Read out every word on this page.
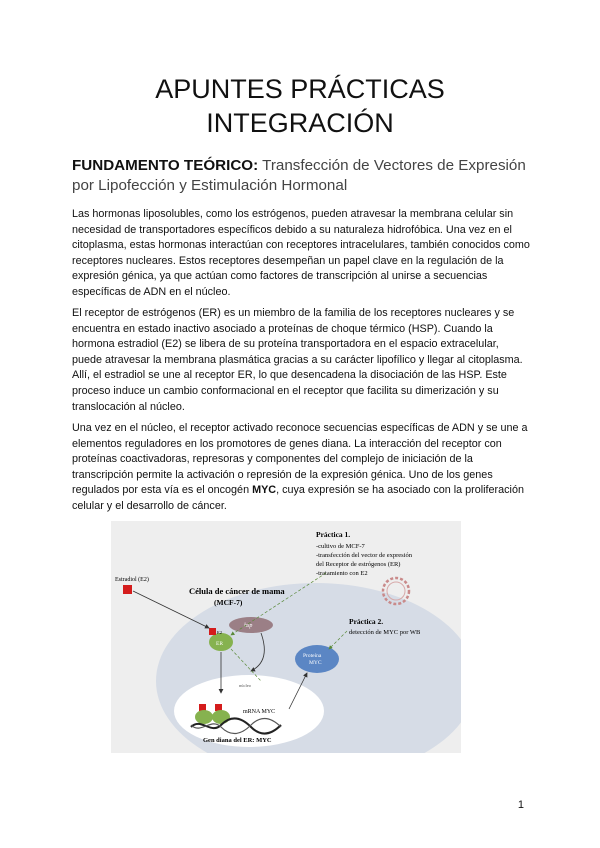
APUNTES PRÁCTICAS
INTEGRACIÓN
FUNDAMENTO TEÓRICO: Transfección de Vectores de Expresión por Lipofección y Estimulación Hormonal

Las hormonas liposolubles, como los estrógenos, pueden atravesar la membrana celular sin necesidad de transportadores específicos debido a su naturaleza hidrofóbica. Una vez en el citoplasma, estas hormonas interactúan con receptores intracelulares, también conocidos como receptores nucleares. Estos receptores desempeñan un papel clave en la regulación de la expresión génica, ya que actúan como factores de transcripción al unirse a secuencias específicas de ADN en el núcleo.

El receptor de estrógenos (ER) es un miembro de la familia de los receptores nucleares y se encuentra en estado inactivo asociado a proteínas de choque térmico (HSP). Cuando la hormona estradiol (E2) se libera de su proteína transportadora en el espacio extracelular, puede atravesar la membrana plasmática gracias a su carácter lipofílico y llegar al citoplasma. Allí, el estradiol se une al receptor ER, lo que desencadena la disociación de las HSP. Este proceso induce un cambio conformacional en el receptor que facilita su dimerización y su translocación al núcleo.

Una vez en el núcleo, el receptor activado reconoce secuencias específicas de ADN y se une a elementos reguladores en los promotores de genes diana. La interacción del receptor con proteínas coactivadoras, represoras y componentes del complejo de iniciación de la transcripción permite la activación o represión de la expresión génica. Uno de los genes regulados por esta vía es el oncogén MYC, cuya expresión se ha asociado con la proliferación celular y el desarrollo de cáncer.

Célula de cáncer de mama
(MCF-7)
Práctica 1.
-cultivo de MCF-7
-transfección del vector de expresión
del Receptor de estrógenos (ER)
-tratamiento con E2
Práctica 2.
detección de MYC por WB
Estradiol (E2)
ER
E2
hsp
Proteína
MYC
núcleo
mRNA MYC
Gen diana del ER: MYC
1
